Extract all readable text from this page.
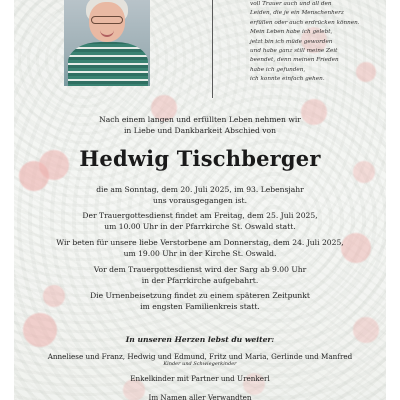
voll Trauer auch und all den
Leiden, die je ein Menschenherz
erfüllen oder auch erdrücken können.
Mein Leben habe ich gelebt,
jetzt bin ich müde geworden
und habe ganz still meine Zeit
beendet, denn meinen Frieden
habe ich gefunden,
ich konnte einfach gehen.
Nach einem langen und erfüllten Leben nehmen wir
in Liebe und Dankbarkeit Abschied von
Hedwig Tischberger
die am Sonntag, dem 20. Juli 2025, im 93. Lebensjahr
uns vorausgegangen ist.
Der Trauergottesdienst findet am Freitag, dem 25. Juli 2025,
um 10.00 Uhr in der Pfarrkirche St. Oswald statt.
Wir beten für unsere liebe Verstorbene am Donnerstag, dem 24. Juli 2025,
um 19.00 Uhr in der Kirche St. Oswald.
Vor dem Trauergottesdienst wird der Sarg ab 9.00 Uhr
in der Pfarrkirche aufgebahrt.
Die Urnenbeisetzung findet zu einem späteren Zeitpunkt
im engsten Familienkreis statt.
In unseren Herzen lebst du weiter:
Anneliese und Franz, Hedwig und Edmund, Fritz und Maria, Gerlinde und Manfred
Kinder und Schwiegerkinder
Enkelkinder mit Partner und Urenkerl
Im Namen aller Verwandten
